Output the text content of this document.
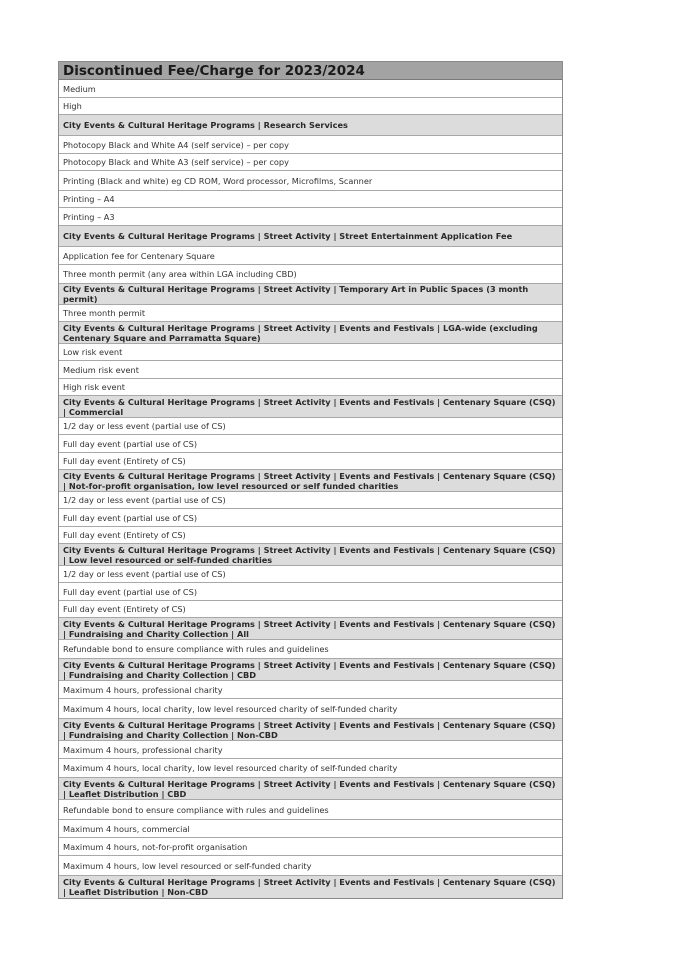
Discontinued Fee/Charge for 2023/2024
Medium
High
City Events & Cultural Heritage Programs | Research Services
Photocopy Black and White A4 (self service) – per copy
Photocopy Black and White A3 (self service) – per copy
Printing (Black and white) eg CD ROM, Word processor, Microfilms, Scanner
Printing – A4
Printing – A3
City Events & Cultural Heritage Programs | Street Activity | Street Entertainment Application Fee
Application fee for Centenary Square
Three month permit (any area within LGA including CBD)
City Events & Cultural Heritage Programs | Street Activity | Temporary Art in Public Spaces (3 month permit)
Three month permit
City Events & Cultural Heritage Programs | Street Activity | Events and Festivals | LGA-wide (excluding Centenary Square and Parramatta Square)
Low risk event
Medium risk event
High risk event
City Events & Cultural Heritage Programs | Street Activity | Events and Festivals | Centenary Square (CSQ) | Commercial
1/2 day or less event (partial use of CS)
Full day event (partial use of CS)
Full day event (Entirety of CS)
City Events & Cultural Heritage Programs | Street Activity | Events and Festivals | Centenary Square (CSQ) | Not-for-profit organisation, low level resourced or self funded charities
1/2 day or less event (partial use of CS)
Full day event (partial use of CS)
Full day event (Entirety of CS)
City Events & Cultural Heritage Programs | Street Activity | Events and Festivals | Centenary Square (CSQ) | Low level resourced or self-funded charities
1/2 day or less event (partial use of CS)
Full day event (partial use of CS)
Full day event (Entirety of CS)
City Events & Cultural Heritage Programs | Street Activity | Events and Festivals | Centenary Square (CSQ) | Fundraising and Charity Collection | All
Refundable bond to ensure compliance with rules and guidelines
City Events & Cultural Heritage Programs | Street Activity | Events and Festivals | Centenary Square (CSQ) | Fundraising and Charity Collection | CBD
Maximum 4 hours, professional charity
Maximum 4 hours, local charity, low level resourced charity of self-funded charity
City Events & Cultural Heritage Programs | Street Activity | Events and Festivals | Centenary Square (CSQ) | Fundraising and Charity Collection | Non-CBD
Maximum 4 hours, professional charity
Maximum 4 hours, local charity, low level resourced charity of self-funded charity
City Events & Cultural Heritage Programs | Street Activity | Events and Festivals | Centenary Square (CSQ) | Leaflet Distribution | CBD
Refundable bond to ensure compliance with rules and guidelines
Maximum 4 hours, commercial
Maximum 4 hours, not-for-profit organisation
Maximum 4 hours, low level resourced or self-funded charity
City Events & Cultural Heritage Programs | Street Activity | Events and Festivals | Centenary Square (CSQ) | Leaflet Distribution | Non-CBD
